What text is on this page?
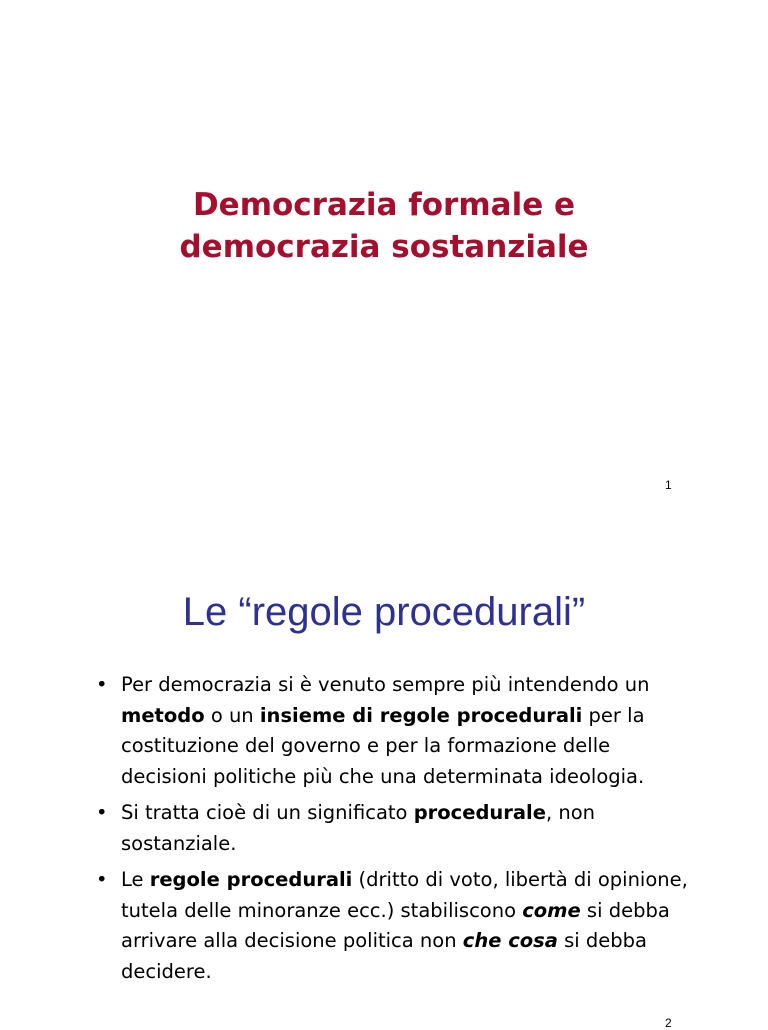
Democrazia formale e
democrazia sostanziale
1
Le “regole procedurali”
• Per democrazia si è venuto sempre più intendendo un metodo o un insieme di regole procedurali per la costituzione del governo e per la formazione delle decisioni politiche più che una determinata ideologia.
• Si tratta cioè di un significato procedurale, non sostanziale.
• Le regole procedurali (dritto di voto, libertà di opinione, tutela delle minoranze ecc.) stabiliscono come si debba arrivare alla decisione politica non che cosa si debba decidere.
2
